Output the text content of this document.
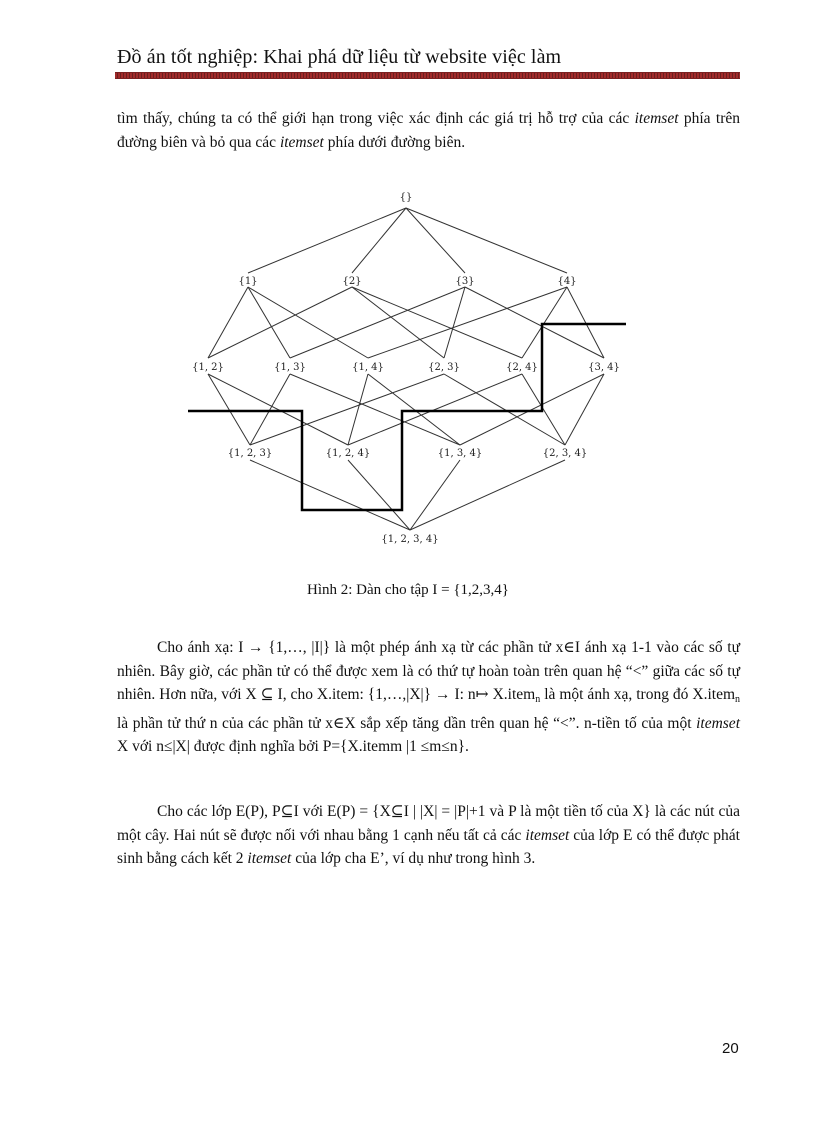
Đồ án tốt nghiệp: Khai phá dữ liệu từ website việc làm

tìm thấy, chúng ta có thể giới hạn trong việc xác định các giá trị hỗ trợ của các itemset phía trên đường biên và bỏ qua các itemset phía dưới đường biên.

{}
{1}	{2}	{3}	{4}
{1, 2}	{1, 3}	{1, 4}	{2, 3}	{2, 4}	{3, 4}
{1, 2, 3}	{1, 2, 4}	{1, 3, 4}	{2, 3, 4}
{1, 2, 3, 4}
Hình 2: Dàn cho tập I = {1,2,3,4}

Cho ánh xạ: I → {1,…, |I|} là một phép ánh xạ từ các phần tử x∈I ánh xạ 1-1 vào các số tự nhiên. Bây giờ, các phần tử có thể được xem là có thứ tự hoàn toàn trên quan hệ “<” giữa các số tự nhiên. Hơn nữa, với X ⊆ I, cho X.item: {1,…,|X|} → I: n↦ X.item$_n$ là một ánh xạ, trong đó X.item$_n$ là phần tử thứ n của các phần tử x∈X sắp xếp tăng dần trên quan hệ “<”. n-tiền tố của một itemset X với n≤|X| được định nghĩa bởi P={X.itemm |1 ≤m≤n}.

Cho các lớp E(P), P⊆I với E(P) = {X⊆I | |X| = |P|+1 và P là một tiền tố của X} là các nút của một cây. Hai nút sẽ được nối với nhau bằng 1 cạnh nếu tất cả các itemset của lớp E có thể được phát sinh bằng cách kết 2 itemset của lớp cha E’, ví dụ như trong hình 3.

20
